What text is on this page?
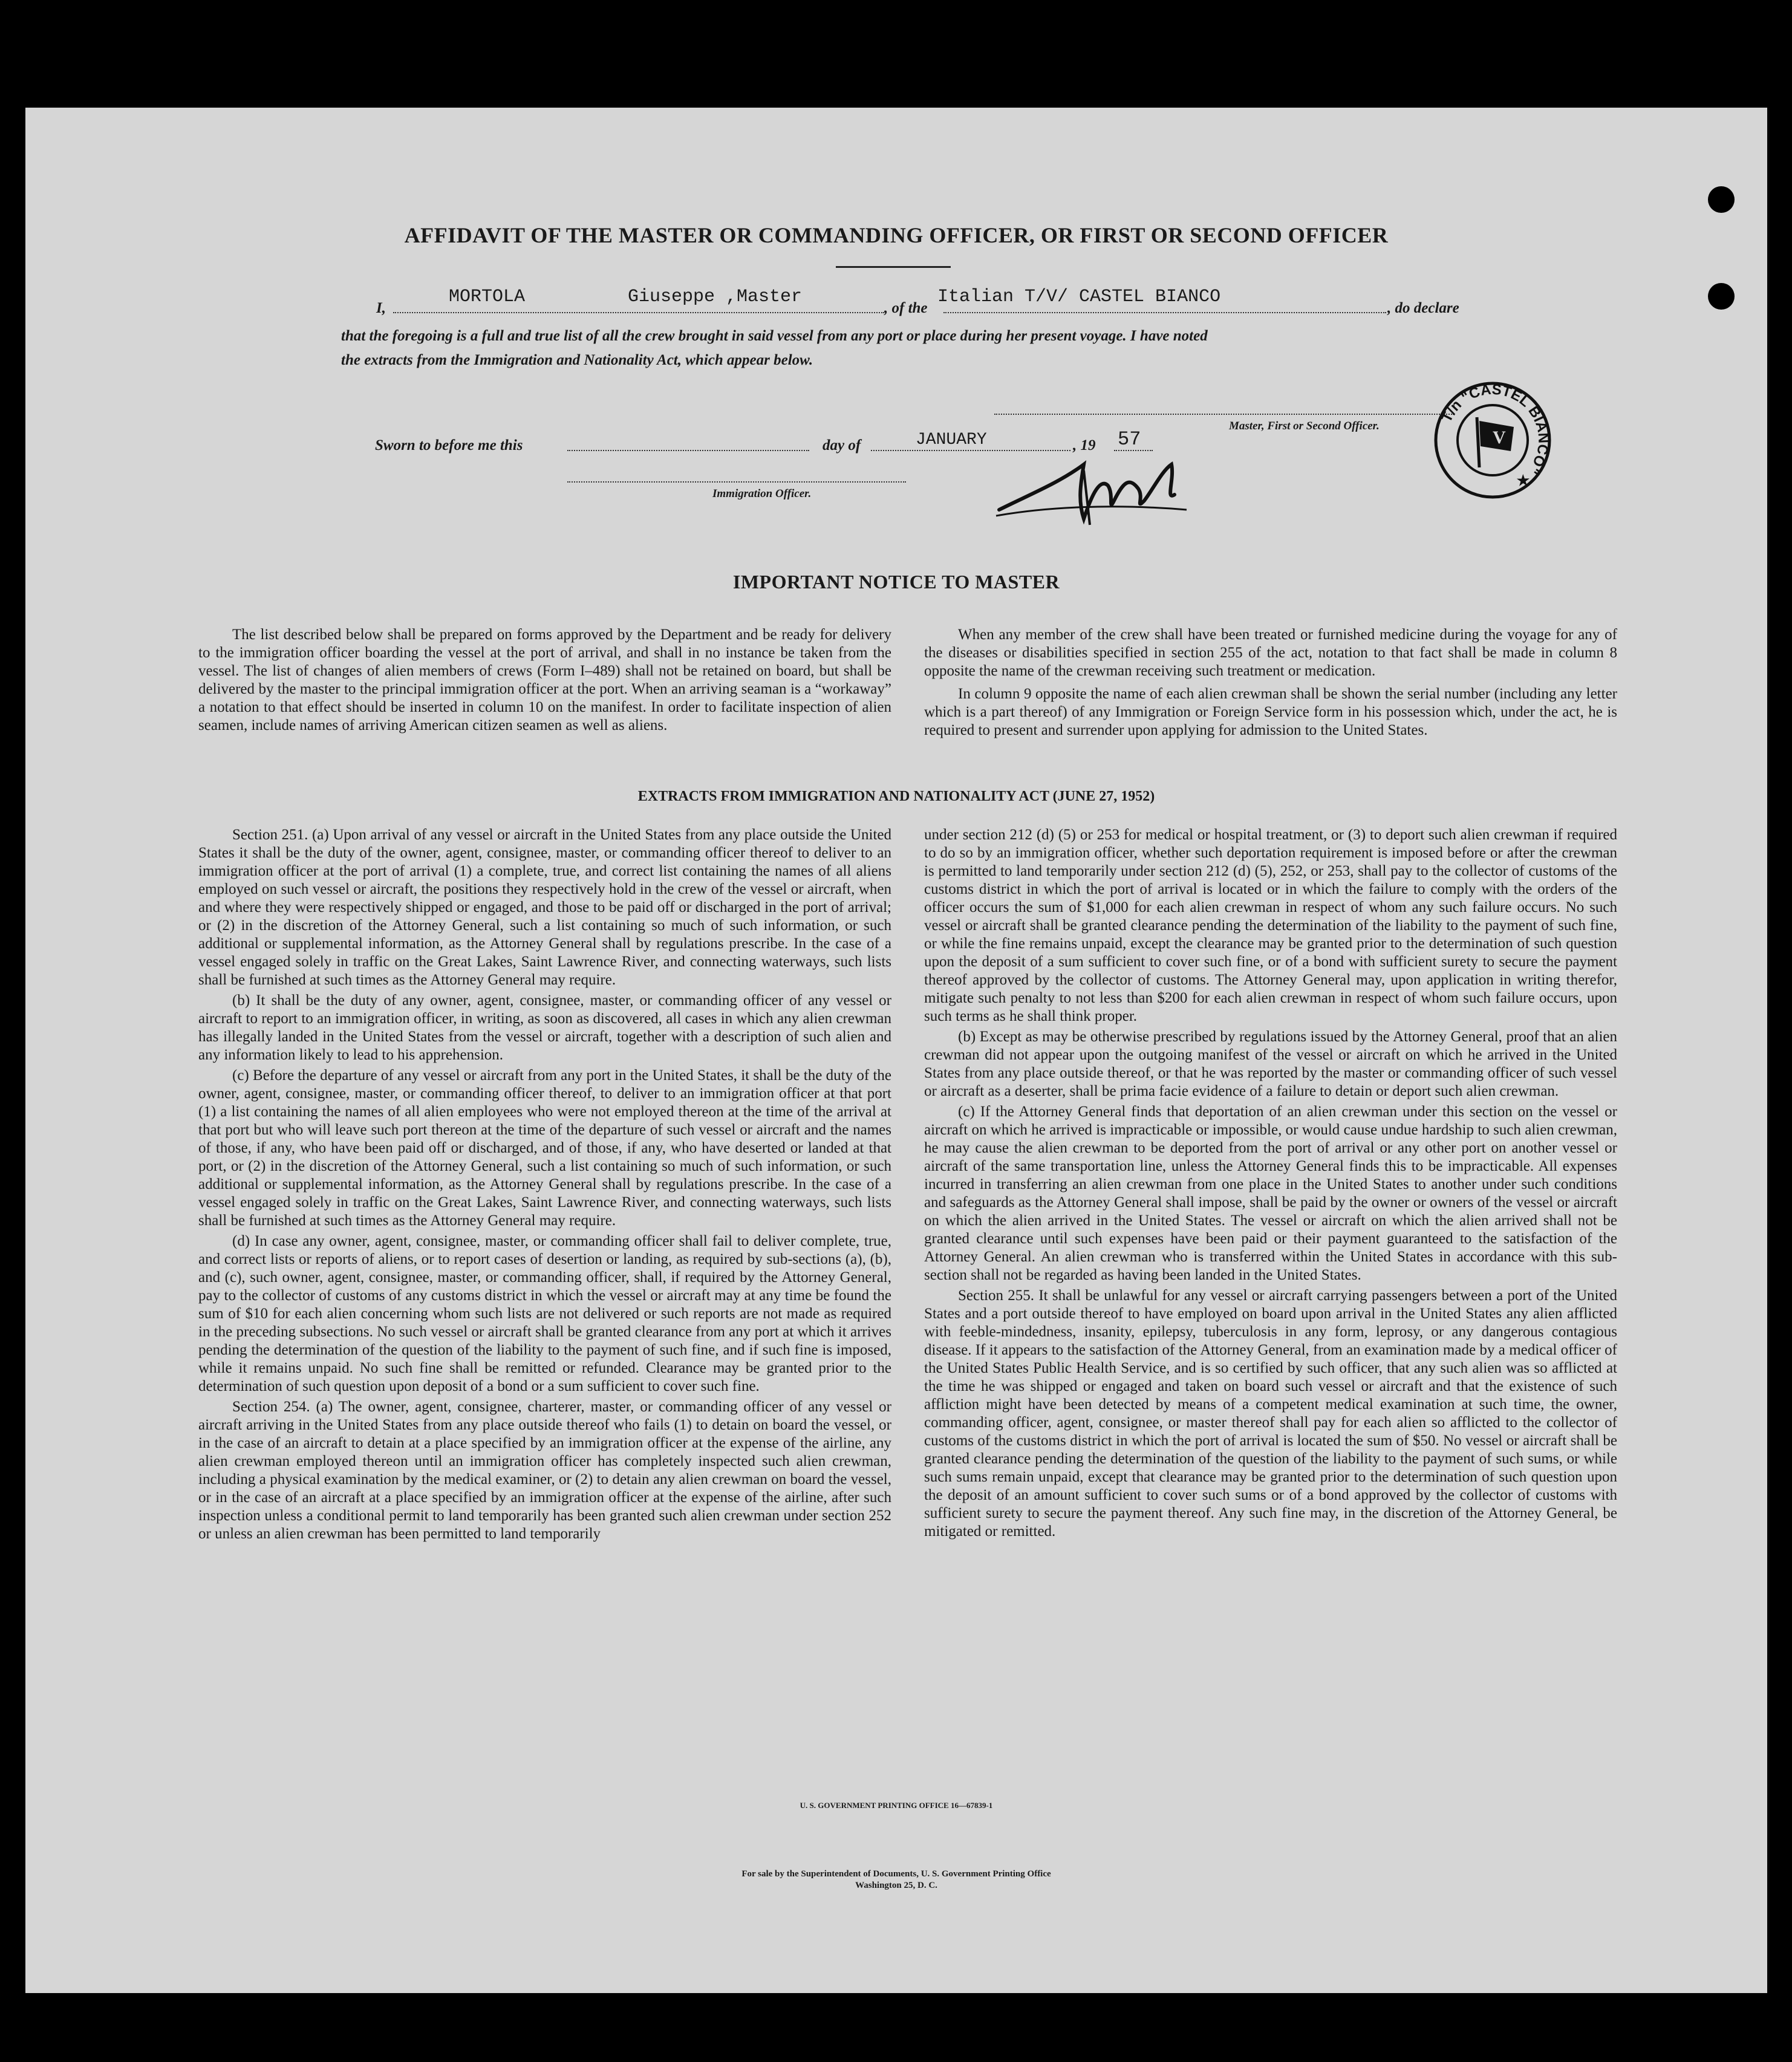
AFFIDAVIT OF THE MASTER OR COMMANDING OFFICER, OR FIRST OR SECOND OFFICER
I,
MORTOLA	Giuseppe ,Master
, of the
Italian T/V/ CASTEL BIANCO
, do declare
that the foregoing is a full and true list of all the crew brought in said vessel from any port or place during her present voyage. I have noted
the extracts from the Immigration and Nationality Act, which appear below.
Master, First or Second Officer.
T/n "CASTEL BIANCO" ★
V
Sworn to before me this	day of	JANUARY	, 19 57
Immigration Officer.
IMPORTANT NOTICE TO MASTER

The list described below shall be prepared on forms approved by the Department and be ready for delivery to the immigration officer boarding the vessel at the port of arrival, and shall in no instance be taken from the vessel. The list of changes of alien members of crews (Form I–489) shall not be retained on board, but shall be delivered by the master to the principal immigration officer at the port. When an arriving seaman is a “workaway” a notation to that effect should be inserted in column 10 on the manifest. In order to facilitate inspection of alien seamen, include names of arriving American citizen seamen as well as aliens.

When any member of the crew shall have been treated or furnished medicine during the voyage for any of the diseases or disabilities specified in section 255 of the act, notation to that fact shall be made in column 8 opposite the name of the crewman receiving such treatment or medication.

In column 9 opposite the name of each alien crewman shall be shown the serial number (including any letter which is a part thereof) of any Immigration or Foreign Service form in his possession which, under the act, he is required to present and surrender upon applying for admission to the United States.

EXTRACTS FROM IMMIGRATION AND NATIONALITY ACT (JUNE 27, 1952)

Section 251. (a) Upon arrival of any vessel or aircraft in the United States from any place outside the United States it shall be the duty of the owner, agent, consignee, master, or commanding officer thereof to deliver to an immigration officer at the port of arrival (1) a complete, true, and correct list containing the names of all aliens employed on such vessel or aircraft, the positions they respectively hold in the crew of the vessel or aircraft, when and where they were respectively shipped or engaged, and those to be paid off or discharged in the port of arrival; or (2) in the discretion of the Attorney General, such a list containing so much of such information, or such additional or supplemental information, as the Attorney General shall by regulations prescribe. In the case of a vessel engaged solely in traffic on the Great Lakes, Saint Lawrence River, and connecting waterways, such lists shall be furnished at such times as the Attorney General may require.

(b) It shall be the duty of any owner, agent, consignee, master, or commanding officer of any vessel or aircraft to report to an immigration officer, in writing, as soon as discovered, all cases in which any alien crewman has illegally landed in the United States from the vessel or aircraft, together with a description of such alien and any information likely to lead to his apprehension.

(c) Before the departure of any vessel or aircraft from any port in the United States, it shall be the duty of the owner, agent, consignee, master, or commanding officer thereof, to deliver to an immigration officer at that port (1) a list containing the names of all alien employees who were not employed thereon at the time of the arrival at that port but who will leave such port thereon at the time of the departure of such vessel or aircraft and the names of those, if any, who have been paid off or discharged, and of those, if any, who have deserted or landed at that port, or (2) in the discretion of the Attorney General, such a list containing so much of such information, or such additional or supplemental information, as the Attorney General shall by regulations prescribe. In the case of a vessel engaged solely in traffic on the Great Lakes, Saint Lawrence River, and connecting waterways, such lists shall be furnished at such times as the Attorney General may require.

(d) In case any owner, agent, consignee, master, or commanding officer shall fail to deliver complete, true, and correct lists or reports of aliens, or to report cases of desertion or landing, as required by sub-sections (a), (b), and (c), such owner, agent, consignee, master, or commanding officer, shall, if required by the Attorney General, pay to the collector of customs of any customs district in which the vessel or aircraft may at any time be found the sum of $10 for each alien concerning whom such lists are not delivered or such reports are not made as required in the preceding subsections. No such vessel or aircraft shall be granted clearance from any port at which it arrives pending the determination of the question of the liability to the payment of such fine, and if such fine is imposed, while it remains unpaid. No such fine shall be remitted or refunded. Clearance may be granted prior to the determination of such question upon deposit of a bond or a sum sufficient to cover such fine.

Section 254. (a) The owner, agent, consignee, charterer, master, or commanding officer of any vessel or aircraft arriving in the United States from any place outside thereof who fails (1) to detain on board the vessel, or in the case of an aircraft to detain at a place specified by an immigration officer at the expense of the airline, any alien crewman employed thereon until an immigration officer has completely inspected such alien crewman, including a physical examination by the medical examiner, or (2) to detain any alien crewman on board the vessel, or in the case of an aircraft at a place specified by an immigration officer at the expense of the airline, after such inspection unless a conditional permit to land temporarily has been granted such alien crewman under section 252 or unless an alien crewman has been permitted to land temporarily

under section 212 (d) (5) or 253 for medical or hospital treatment, or (3) to deport such alien crewman if required to do so by an immigration officer, whether such deportation requirement is imposed before or after the crewman is permitted to land temporarily under section 212 (d) (5), 252, or 253, shall pay to the collector of customs of the customs district in which the port of arrival is located or in which the failure to comply with the orders of the officer occurs the sum of $1,000 for each alien crewman in respect of whom any such failure occurs. No such vessel or aircraft shall be granted clearance pending the determination of the liability to the payment of such fine, or while the fine remains unpaid, except the clearance may be granted prior to the determination of such question upon the deposit of a sum sufficient to cover such fine, or of a bond with sufficient surety to secure the payment thereof approved by the collector of customs. The Attorney General may, upon application in writing therefor, mitigate such penalty to not less than $200 for each alien crewman in respect of whom such failure occurs, upon such terms as he shall think proper.

(b) Except as may be otherwise prescribed by regulations issued by the Attorney General, proof that an alien crewman did not appear upon the outgoing manifest of the vessel or aircraft on which he arrived in the United States from any place outside thereof, or that he was reported by the master or commanding officer of such vessel or aircraft as a deserter, shall be prima facie evidence of a failure to detain or deport such alien crewman.

(c) If the Attorney General finds that deportation of an alien crewman under this section on the vessel or aircraft on which he arrived is impracticable or impossible, or would cause undue hardship to such alien crewman, he may cause the alien crewman to be deported from the port of arrival or any other port on another vessel or aircraft of the same transportation line, unless the Attorney General finds this to be impracticable. All expenses incurred in transferring an alien crewman from one place in the United States to another under such conditions and safeguards as the Attorney General shall impose, shall be paid by the owner or owners of the vessel or aircraft on which the alien arrived in the United States. The vessel or aircraft on which the alien arrived shall not be granted clearance until such expenses have been paid or their payment guaranteed to the satisfaction of the Attorney General. An alien crewman who is transferred within the United States in accordance with this sub-section shall not be regarded as having been landed in the United States.

Section 255. It shall be unlawful for any vessel or aircraft carrying passengers between a port of the United States and a port outside thereof to have employed on board upon arrival in the United States any alien afflicted with feeble-mindedness, insanity, epilepsy, tuberculosis in any form, leprosy, or any dangerous contagious disease. If it appears to the satisfaction of the Attorney General, from an examination made by a medical officer of the United States Public Health Service, and is so certified by such officer, that any such alien was so afflicted at the time he was shipped or engaged and taken on board such vessel or aircraft and that the existence of such affliction might have been detected by means of a competent medical examination at such time, the owner, commanding officer, agent, consignee, or master thereof shall pay for each alien so afflicted to the collector of customs of the customs district in which the port of arrival is located the sum of $50. No vessel or aircraft shall be granted clearance pending the determination of the question of the liability to the payment of such sums, or while such sums remain unpaid, except that clearance may be granted prior to the determination of such question upon the deposit of an amount sufficient to cover such sums or of a bond approved by the collector of customs with sufficient surety to secure the payment thereof. Any such fine may, in the discretion of the Attorney General, be mitigated or remitted.

U. S. GOVERNMENT PRINTING OFFICE 16—67839-1
For sale by the Superintendent of Documents, U. S. Government Printing Office
Washington 25, D. C.
